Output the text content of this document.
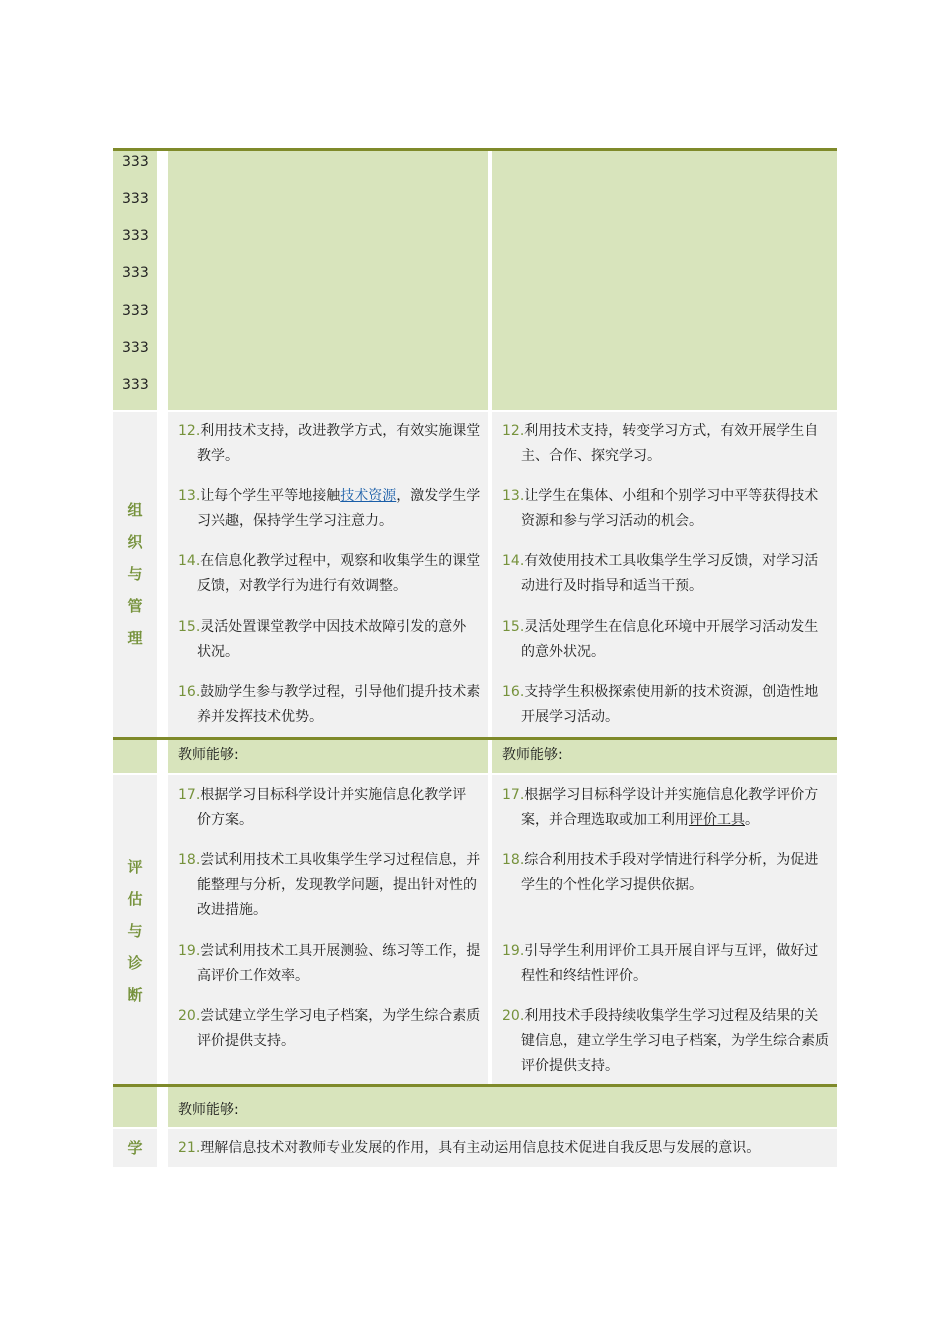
333
333
333
333
333
333
333
组
织
与
管
理
12.利用技术支持，改进教学方式，有效实施课堂
教学。
13.让每个学生平等地接触技术资源，激发学生学
习兴趣，保持学生学习注意力。
14.在信息化教学过程中，观察和收集学生的课堂
反馈，对教学行为进行有效调整。
15.灵活处置课堂教学中因技术故障引发的意外
状况。
16.鼓励学生参与教学过程，引导他们提升技术素
养并发挥技术优势。
12.利用技术支持，转变学习方式，有效开展学生自
主、合作、探究学习。
13.让学生在集体、小组和个别学习中平等获得技术
资源和参与学习活动的机会。
14.有效使用技术工具收集学生学习反馈，对学习活
动进行及时指导和适当干预。
15.灵活处理学生在信息化环境中开展学习活动发生
的意外状况。
16.支持学生积极探索使用新的技术资源，创造性地
开展学习活动。
教师能够:	教师能够:
评
估
与
诊
断
17.根据学习目标科学设计并实施信息化教学评
价方案。
18.尝试利用技术工具收集学生学习过程信息，并
能整理与分析，发现教学问题，提出针对性的
改进措施。
19.尝试利用技术工具开展测验、练习等工作，提
高评价工作效率。
20.尝试建立学生学习电子档案，为学生综合素质
评价提供支持。
17.根据学习目标科学设计并实施信息化教学评价方
案，并合理选取或加工利用评价工具。
18.综合利用技术手段对学情进行科学分析，为促进
学生的个性化学习提供依据。
19.引导学生利用评价工具开展自评与互评，做好过
程性和终结性评价。
20.利用技术手段持续收集学生学习过程及结果的关
键信息，建立学生学习电子档案，为学生综合素质
评价提供支持。
教师能够:
学	21.理解信息技术对教师专业发展的作用，具有主动运用信息技术促进自我反思与发展的意识。
